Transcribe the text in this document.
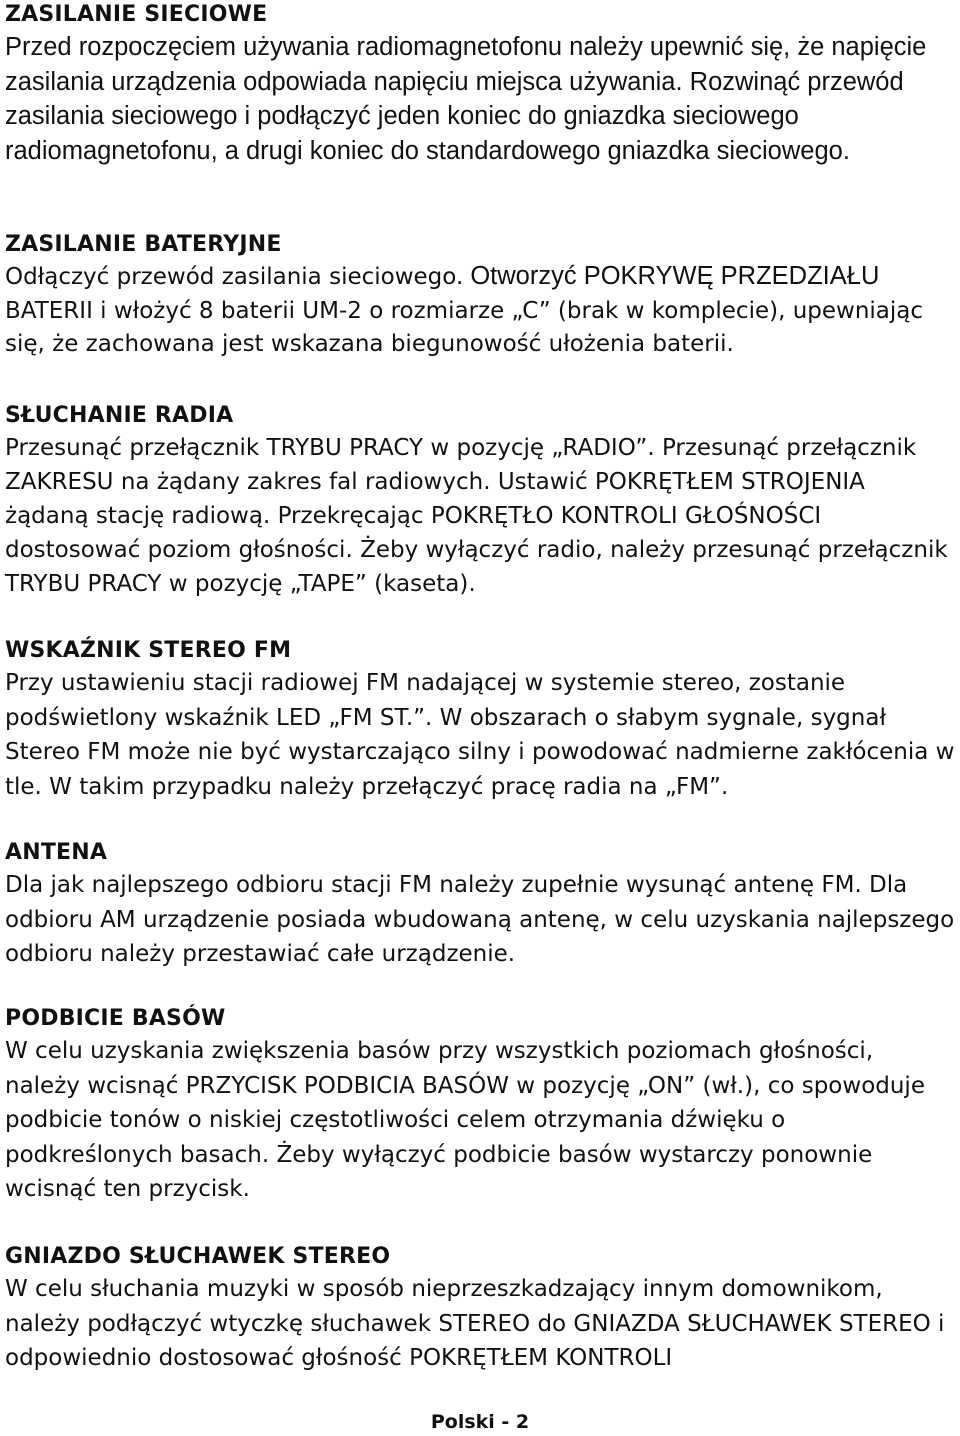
ZASILANIE SIECIOWE

Przed rozpoczęciem używania radiomagnetofonu należy upewnić się, że napięcie zasilania urządzenia odpowiada napięciu miejsca używania. Rozwinąć przewód zasilania sieciowego i podłączyć jeden koniec do gniazdka sieciowego radiomagnetofonu, a drugi koniec do standardowego gniazdka sieciowego.

ZASILANIE BATERYJNE

Odłączyć przewód zasilania sieciowego. Otworzyć POKRYWĘ PRZEDZIAŁU BATERII i włożyć 8 baterii UM-2 o rozmiarze „C” (brak w komplecie), upewniając się, że zachowana jest wskazana biegunowość ułożenia baterii.

SŁUCHANIE RADIA

Przesunąć przełącznik TRYBU PRACY w pozycję „RADIO”. Przesunąć przełącznik ZAKRESU na żądany zakres fal radiowych. Ustawić POKRĘTŁEM STROJENIA żądaną stację radiową. Przekręcając POKRĘTŁO KONTROLI GŁOŚNOŚCI dostosować poziom głośności. Żeby wyłączyć radio, należy przesunąć przełącznik TRYBU PRACY w pozycję „TAPE” (kaseta).

WSKAŹNIK STEREO FM

Przy ustawieniu stacji radiowej FM nadającej w systemie stereo, zostanie podświetlony wskaźnik LED „FM ST.”. W obszarach o słabym sygnale, sygnał Stereo FM może nie być wystarczająco silny i powodować nadmierne zakłócenia w tle. W takim przypadku należy przełączyć pracę radia na „FM”.

ANTENA

Dla jak najlepszego odbioru stacji FM należy zupełnie wysunąć antenę FM. Dla odbioru AM urządzenie posiada wbudowaną antenę, w celu uzyskania najlepszego odbioru należy przestawiać całe urządzenie.

PODBICIE BASÓW

W celu uzyskania zwiększenia basów przy wszystkich poziomach głośności, należy wcisnąć PRZYCISK PODBICIA BASÓW w pozycję „ON” (wł.), co spowoduje podbicie tonów o niskiej częstotliwości celem otrzymania dźwięku o podkreślonych basach. Żeby wyłączyć podbicie basów wystarczy ponownie wcisnąć ten przycisk.

GNIAZDO SŁUCHAWEK STEREO

W celu słuchania muzyki w sposób nieprzeszkadzający innym domownikom, należy podłączyć wtyczkę słuchawek STEREO do GNIAZDA SŁUCHAWEK STEREO i odpowiednio dostosować głośność POKRĘTŁEM KONTROLI

Polski - 2
